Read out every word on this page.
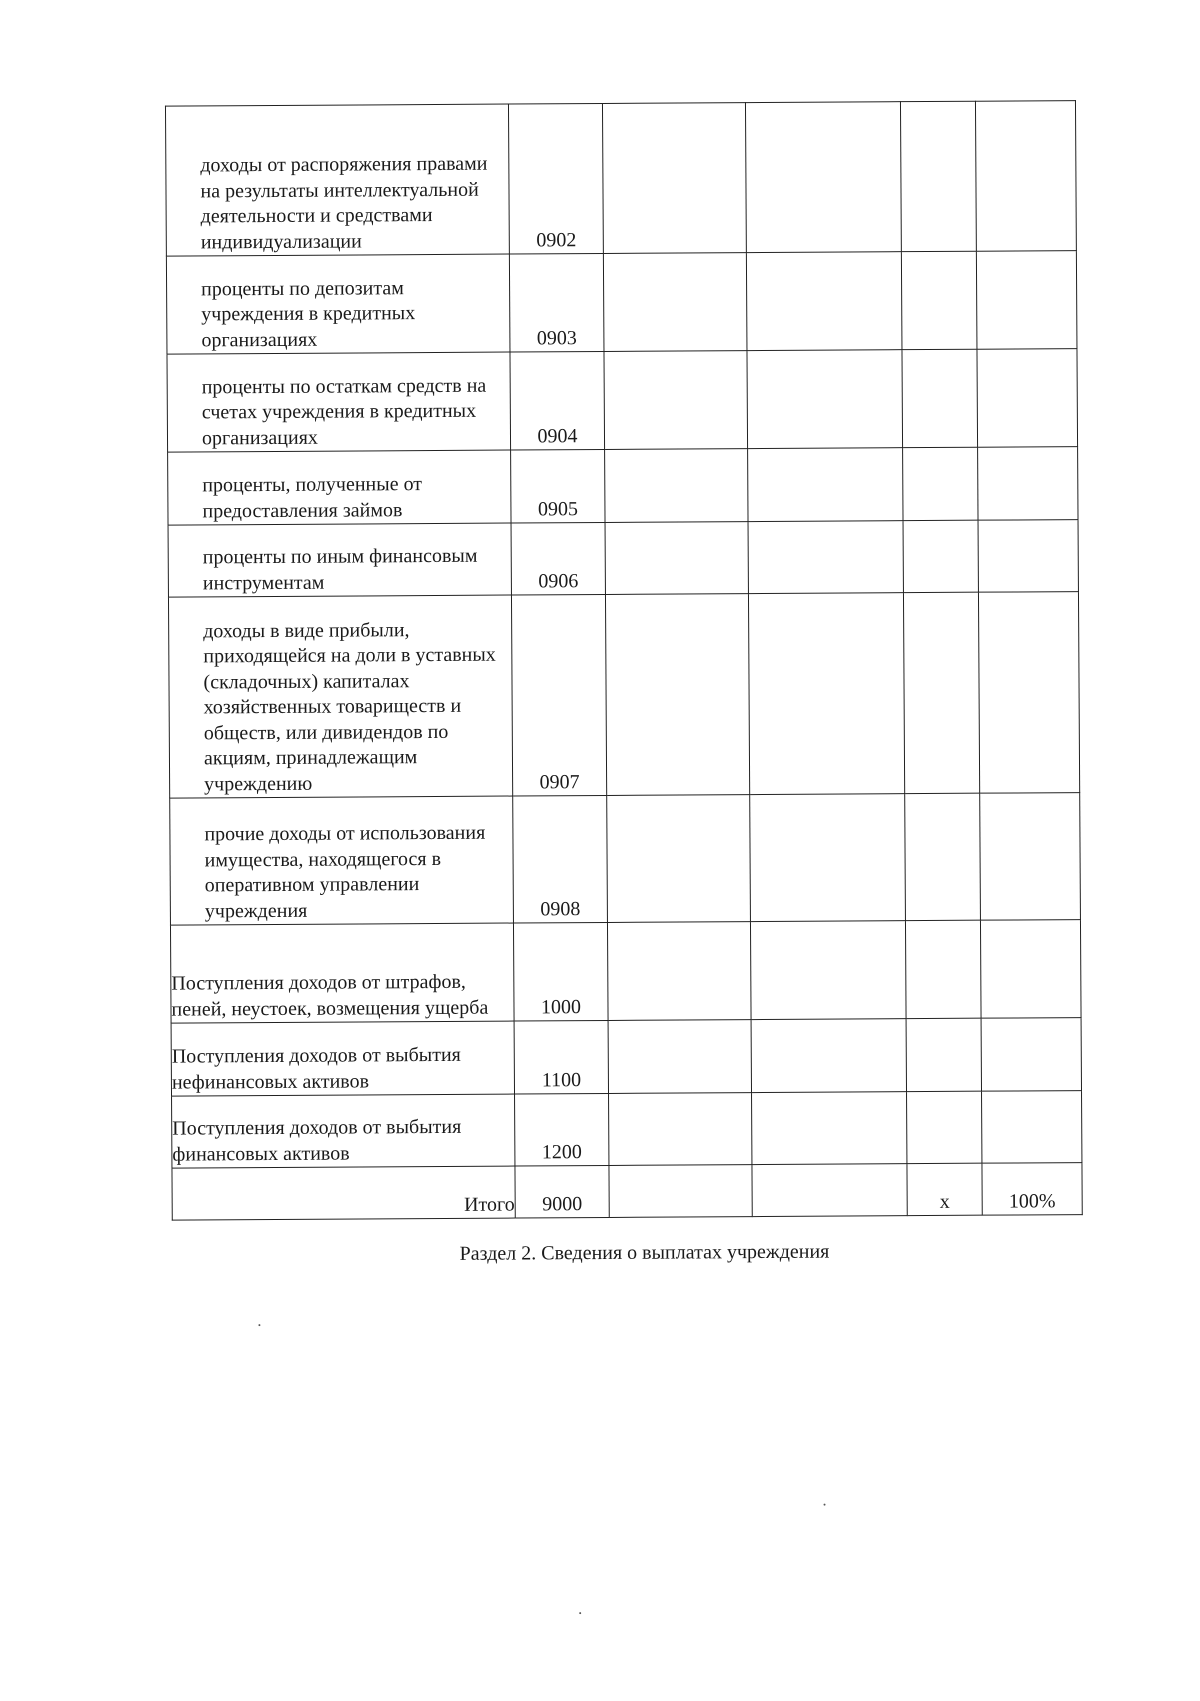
доходы от распоряжения правами на результаты интеллектуальной деятельности и средствами индивидуализации	0902				
проценты по депозитам учреждения в кредитных организациях	0903				
проценты по остаткам средств на счетах учреждения в кредитных организациях	0904				
проценты, полученные от предоставления займов	0905				
проценты по иным финансовым инструментам	0906				
доходы в виде прибыли, приходящейся на доли в уставных (складочных) капиталах хозяйственных товариществ и обществ, или дивидендов по акциям, принадлежащим учреждению	0907				
прочие доходы от использования имущества, находящегося в оперативном управлении учреждения	0908				
Поступления доходов от штрафов, пеней, неустоек, возмещения ущерба	1000				
Поступления доходов от выбытия нефинансовых активов	1100				
Поступления доходов от выбытия финансовых активов	1200				
Итого	9000			x	100%
Раздел 2. Сведения о выплатах учреждения
